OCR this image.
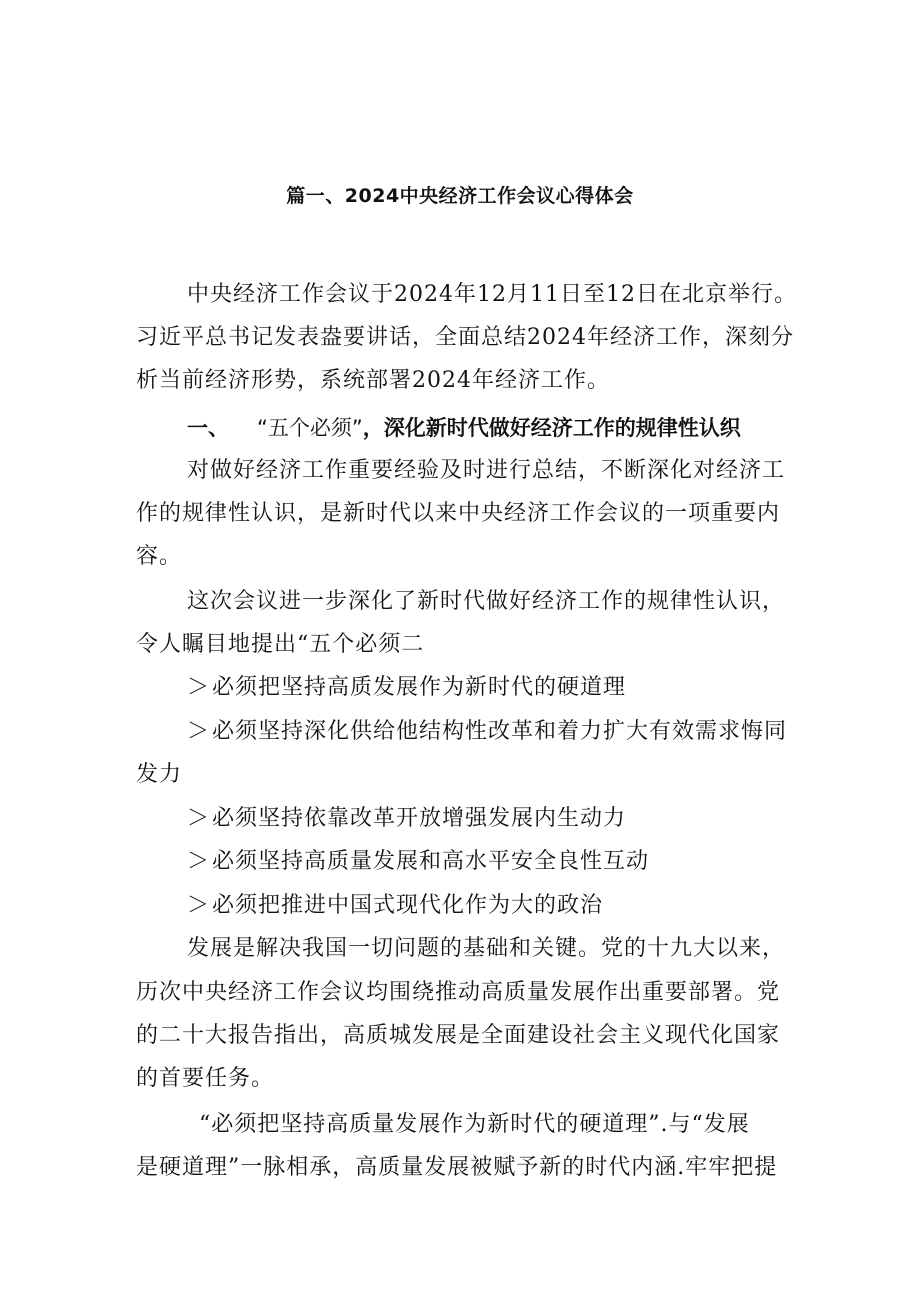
篇一、2024中央经济工作会议心得体会
中央经济工作会议于2024年12月11日至12日在北京举行。
习近平总书记发表盎要讲话，全面总结2024年经济工作，深刻分
析当前经济形势，系统部署2024年经济工作。
一、 “五个必须”，深化新时代做好经济工作的规律性认织
对做好经济工作重要经验及时进行总结，不断深化对经济工
作的规律性认识，是新时代以来中央经济工作会议的一项重要内
容。
这次会议进一步深化了新时代做好经济工作的规律性认识，
令人瞩目地提出“五个必须二
＞必须把坚持高质发展作为新时代的硬道理
＞必须坚持深化供给他结构性改革和着力扩大有效需求悔同
发力
＞必须坚持依靠改革开放增强发展内生动力
＞必须坚持高质量发展和高水平安全良性互动
＞必须把推进中国式现代化作为大的政治
发展是解决我国一切问题的基础和关键。党的十九大以来，
历次中央经济工作会议均围绕推动高质量发展作出重要部署。党
的二十大报告指出，高质城发展是全面建设社会主义现代化国家
的首要任务。
“必须把坚持高质量发展作为新时代的硬道理”.与“发展
是硬道理”一脉相承，高质量发展被赋予新的时代内涵.牢牢把提
